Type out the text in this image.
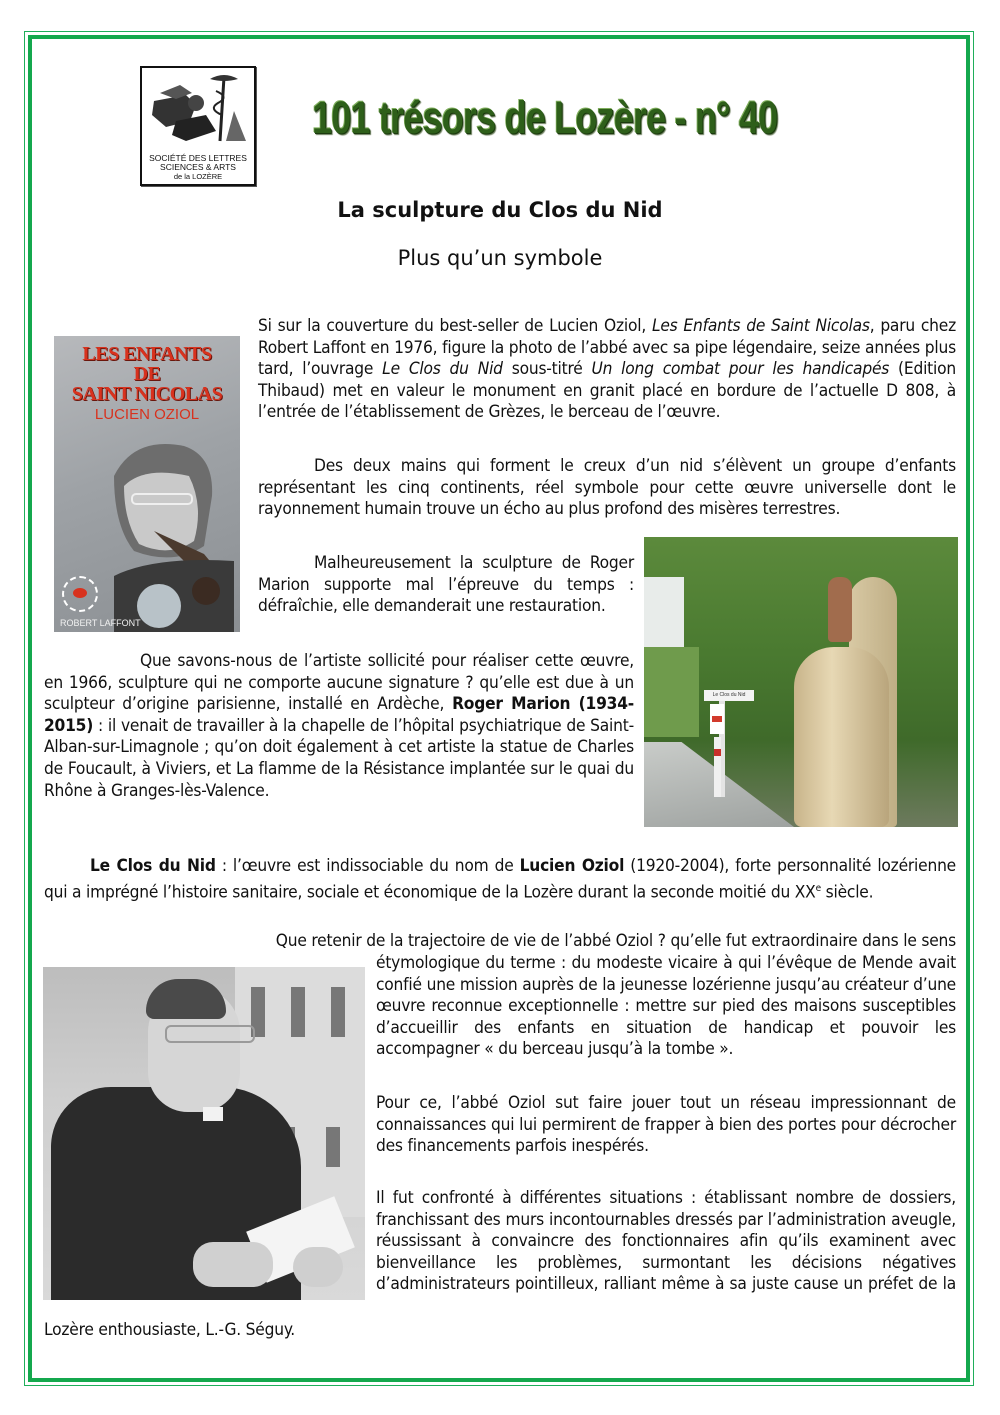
SOCIÉTÉ DES LETTRES
SCIENCES & ARTS
de la LOZÈRE
101 trésors de Lozère - n° 40
La sculpture du Clos du Nid
Plus qu’un symbole
LES ENFANTS
DE
SAINT NICOLAS
LUCIEN OZIOL
ROBERT LAFFONT
Si sur la couverture du best-seller de Lucien Oziol, Les Enfants de Saint Nicolas, paru chez Robert Laffont en 1976, figure la photo de l’abbé avec sa pipe légendaire, seize années plus tard, l’ouvrage Le Clos du Nid sous-titré Un long combat pour les handicapés (Edition Thibaud) met en valeur le monument en granit placé en bordure de l’actuelle D 808, à l’entrée de l’établissement de Grèzes, le berceau de l’œuvre.
Des deux mains qui forment le creux d’un nid s’élèvent un groupe d’enfants représentant les cinq continents, réel symbole pour cette œuvre universelle dont le rayonnement humain trouve un écho au plus profond des misères terrestres.
Le Clos du Nid
Malheureusement la sculpture de Roger Marion supporte mal l’épreuve du temps : défraîchie, elle demanderait une restauration.
Que savons-nous de l’artiste sollicité pour réaliser cette œuvre, en 1966, sculpture qui ne comporte aucune signature ? qu’elle est due à un sculpteur d’origine parisienne, installé en Ardèche, Roger Marion (1934-2015) : il venait de travailler à la chapelle de l’hôpital psychiatrique de Saint-Alban-sur-Limagnole ; qu’on doit également à cet artiste la statue de Charles de Foucault, à Viviers, et La flamme de la Résistance implantée sur le quai du Rhône à Granges-lès-Valence.
Le Clos du Nid : l’œuvre est indissociable du nom de Lucien Oziol (1920-2004), forte personnalité lozérienne qui a imprégné l’histoire sanitaire, sociale et économique de la Lozère durant la seconde moitié du XXe siècle.
Que retenir de la trajectoire de vie de l’abbé Oziol ? qu’elle fut extraordinaire dans le sens
étymologique du terme : du modeste vicaire à qui l’évêque de Mende avait confié une mission auprès de la jeunesse lozérienne jusqu’au créateur d’une œuvre reconnue exceptionnelle : mettre sur pied des maisons susceptibles d’accueillir des enfants en situation de handicap et pouvoir les accompagner « du berceau jusqu’à la tombe ».
Pour ce, l’abbé Oziol sut faire jouer tout un réseau impressionnant de connaissances qui lui permirent de frapper à bien des portes pour décrocher des financements parfois inespérés.
Il fut confronté à différentes situations : établissant nombre de dossiers, franchissant des murs incontournables dressés par l’administration aveugle, réussissant à convaincre des fonctionnaires afin qu’ils examinent avec bienveillance les problèmes, surmontant les décisions négatives d’administrateurs pointilleux, ralliant même à sa juste cause un préfet de la
Lozère enthousiaste, L.-G. Séguy.
